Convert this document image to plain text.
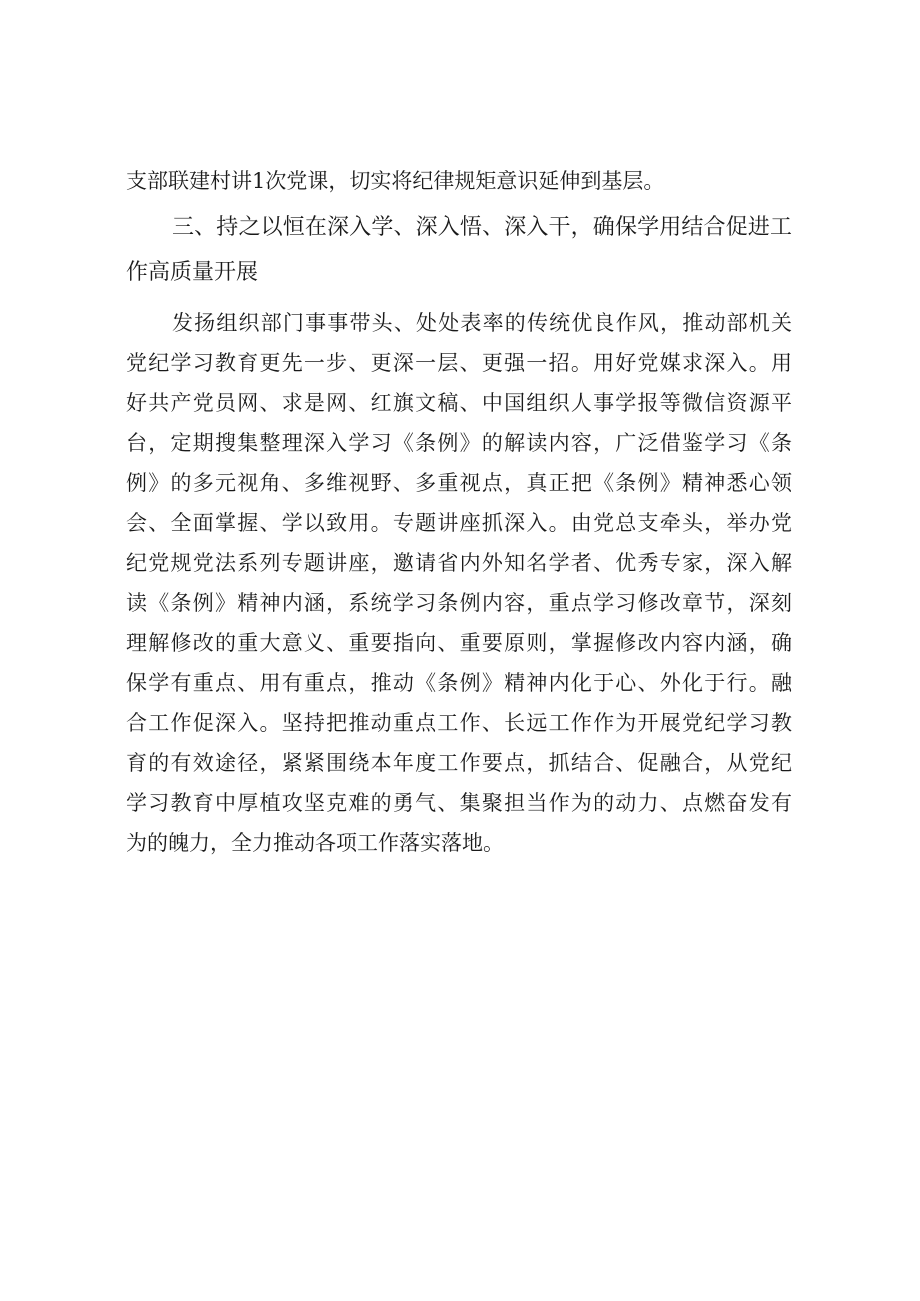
支部联建村讲1次党课，切实将纪律规矩意识延伸到基层。
三、持之以恒在深入学、深入悟、深入干，确保学用结合促进工
作高质量开展
发扬组织部门事事带头、处处表率的传统优良作风，推动部机关
党纪学习教育更先一步、更深一层、更强一招。用好党媒求深入。用
好共产党员网、求是网、红旗文稿、中国组织人事学报等微信资源平
台，定期搜集整理深入学习《条例》的解读内容，广泛借鉴学习《条
例》的多元视角、多维视野、多重视点，真正把《条例》精神悉心领
会、全面掌握、学以致用。专题讲座抓深入。由党总支牵头，举办党
纪党规党法系列专题讲座，邀请省内外知名学者、优秀专家，深入解
读《条例》精神内涵，系统学习条例内容，重点学习修改章节，深刻
理解修改的重大意义、重要指向、重要原则，掌握修改内容内涵，确
保学有重点、用有重点，推动《条例》精神内化于心、外化于行。融
合工作促深入。坚持把推动重点工作、长远工作作为开展党纪学习教
育的有效途径，紧紧围绕本年度工作要点，抓结合、促融合，从党纪
学习教育中厚植攻坚克难的勇气、集聚担当作为的动力、点燃奋发有
为的魄力，全力推动各项工作落实落地。
